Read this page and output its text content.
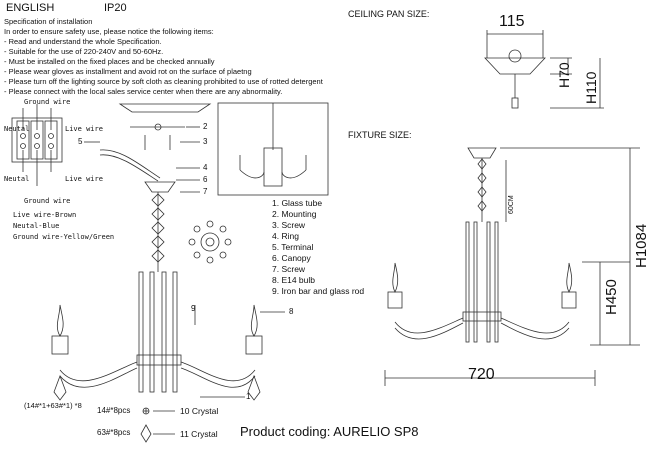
ENGLISH	IP20
Specification of installation
In order to ensure safety use, please notice the following items:
- Read and understand the whole Specification.
- Suitable for the use of 220-240V and 50-60Hz.
- Must be installed on the fixed places and be checked annually
- Please wear gloves as installment and avoid rot on the surface of plaetng
- Please turn off the lighting source by soft cloth as cleaning prohibited to use of rotted detergent
- Please connect with the local sales service center when there are any abnormality.
Ground wire
Neutal	Live wire
Neutal	Live wire
Ground wire
Live wire-Brown
Neutal-Blue
Ground wire-Yellow/Green
2
3
5
4
6
7
8
9
1
1. Glass tube
2. Mounting
3. Screw
4. Ring
5. Terminal
6. Canopy
7. Screw
8. E14 bulb
9. Iron bar and glass rod
(14#*1+63#*1) *8
14#*8pcs	10 Crystal
63#*8pcs	11 Crystal Product coding: AURELIO SP8
CEILING PAN SIZE:	115
H70 H110
FIXTURE SIZE:
60CM
H450
H1084
720
